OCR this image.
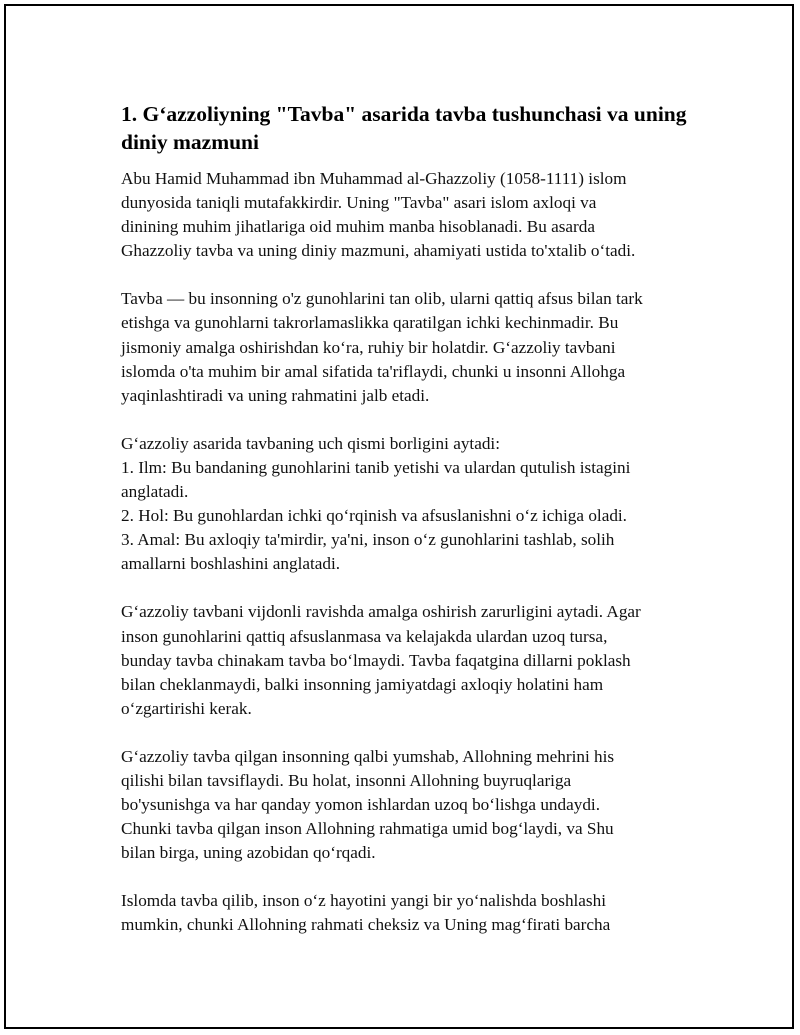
1. G‘azzoliyning "Tavba" asarida tavba tushunchasi va uning
diniy mazmuni
Abu Hamid Muhammad ibn Muhammad al-Ghazzoliy (1058-1111) islom
dunyosida taniqli mutafakkirdir. Uning "Tavba" asari islom axloqi va
dinining muhim jihatlariga oid muhim manba hisoblanadi. Bu asarda
Ghazzoliy tavba va uning diniy mazmuni, ahamiyati ustida to'xtalib o‘tadi.
Tavba — bu insonning o'z gunohlarini tan olib, ularni qattiq afsus bilan tark
etishga va gunohlarni takrorlamaslikka qaratilgan ichki kechinmadir. Bu
jismoniy amalga oshirishdan ko‘ra, ruhiy bir holatdir. G‘azzoliy tavbani
islomda o'ta muhim bir amal sifatida ta'riflaydi, chunki u insonni Allohga
yaqinlashtiradi va uning rahmatini jalb etadi.
G‘azzoliy asarida tavbaning uch qismi borligini aytadi:
1. Ilm: Bu bandaning gunohlarini tanib yetishi va ulardan qutulish istagini
anglatadi.
2. Hol: Bu gunohlardan ichki qo‘rqinish va afsuslanishni o‘z ichiga oladi.
3. Amal: Bu axloqiy ta'mirdir, ya'ni, inson o‘z gunohlarini tashlab, solih
amallarni boshlashini anglatadi.
G‘azzoliy tavbani vijdonli ravishda amalga oshirish zarurligini aytadi. Agar
inson gunohlarini qattiq afsuslanmasa va kelajakda ulardan uzoq tursa,
bunday tavba chinakam tavba bo‘lmaydi. Tavba faqatgina dillarni poklash
bilan cheklanmaydi, balki insonning jamiyatdagi axloqiy holatini ham
o‘zgartirishi kerak.
G‘azzoliy tavba qilgan insonning qalbi yumshab, Allohning mehrini his
qilishi bilan tavsiflaydi. Bu holat, insonni Allohning buyruqlariga
bo'ysunishga va har qanday yomon ishlardan uzoq bo‘lishga undaydi.
Chunki tavba qilgan inson Allohning rahmatiga umid bog‘laydi, va Shu
bilan birga, uning azobidan qo‘rqadi.
Islomda tavba qilib, inson o‘z hayotini yangi bir yo‘nalishda boshlashi
mumkin, chunki Allohning rahmati cheksiz va Uning mag‘firati barcha
